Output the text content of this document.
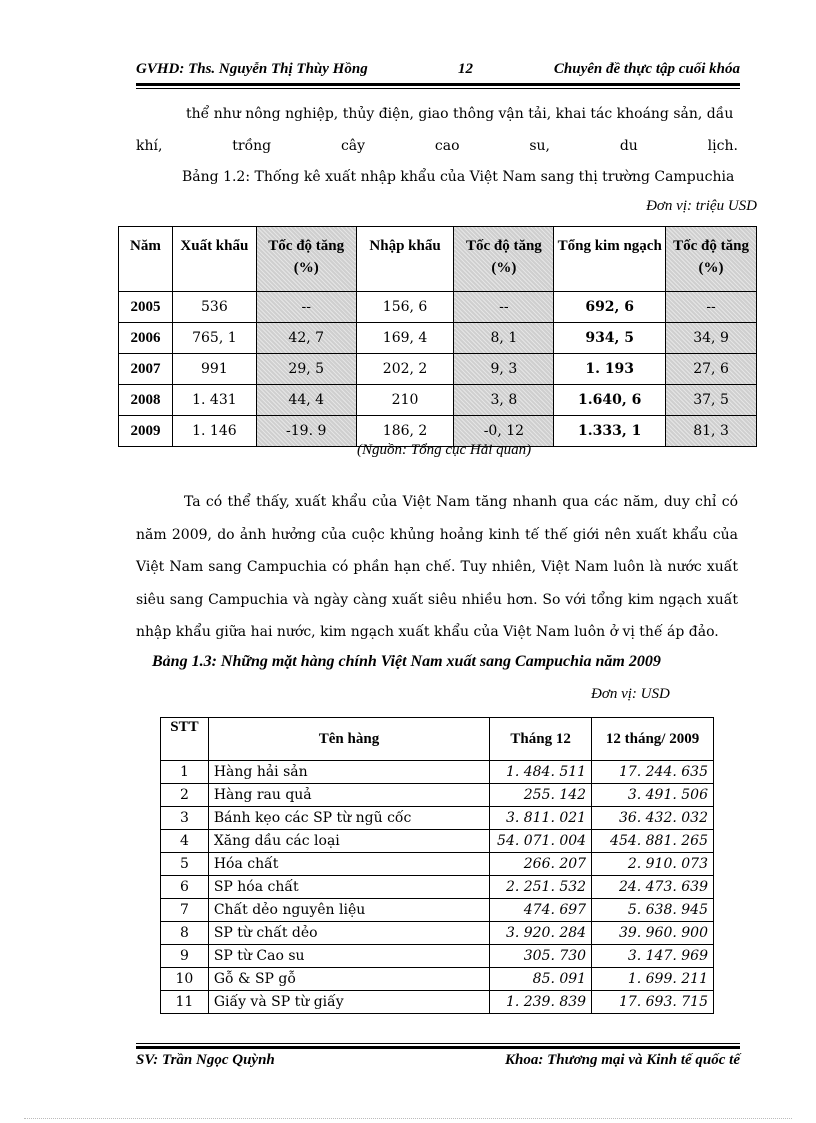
GVHD: Ths. Nguyễn Thị Thùy Hồng	12	Chuyên đề thực tập cuối khóa
thể như nông nghiệp, thủy điện, giao thông vận tải, khai tác khoáng sản, dầu
khí,	trồng	cây	cao	su,	du	lịch.
Bảng 1.2: Thống kê xuất nhập khẩu của Việt Nam sang thị trường Campuchia
Đơn vị: triệu USD
Năm	Xuất khẩu	Tốc độ tăng (%)	Nhập khẩu	Tốc độ tăng (%)	Tổng kim ngạch	Tốc độ tăng (%)
2005	536	--	156, 6	--	692, 6	--
2006	765, 1	42, 7	169, 4	8, 1	934, 5	34, 9
2007	991	29, 5	202, 2	9, 3	1. 193	27, 6
2008	1. 431	44, 4	210	3, 8	1.640, 6	37, 5
2009	1. 146	-19. 9	186, 2	-0, 12	1.333, 1	81, 3
(Nguồn: Tổng cục Hải quan)
Ta có thể thấy, xuất khẩu của Việt Nam tăng nhanh qua các năm, duy chỉ có năm 2009, do ảnh hưởng của cuộc khủng hoảng kinh tế thế giới nên xuất khẩu của Việt Nam sang Campuchia có phần hạn chế. Tuy nhiên, Việt Nam luôn là nước xuất siêu sang Campuchia và ngày càng xuất siêu nhiều hơn. So với tổng kim ngạch xuất nhập khẩu giữa hai nước, kim ngạch xuất khẩu của Việt Nam luôn ở vị thế áp đảo.
Bảng 1.3: Những mặt hàng chính Việt Nam xuất sang Campuchia năm 2009
Đơn vị: USD
STT	Tên hàng	Tháng 12	12 tháng/ 2009
1	Hàng hải sản	1. 484. 511	17. 244. 635
2	Hàng rau quả	255. 142	3. 491. 506
3	Bánh kẹo các SP từ ngũ cốc	3. 811. 021	36. 432. 032
4	Xăng dầu các loại	54. 071. 004	454. 881. 265
5	Hóa chất	266. 207	2. 910. 073
6	SP hóa chất	2. 251. 532	24. 473. 639
7	Chất dẻo nguyên liệu	474. 697	5. 638. 945
8	SP từ chất dẻo	3. 920. 284	39. 960. 900
9	SP từ Cao su	305. 730	3. 147. 969
10	Gỗ & SP gỗ	85. 091	1. 699. 211
11	Giấy và SP từ giấy	1. 239. 839	17. 693. 715
SV: Trần Ngọc Quỳnh	Khoa: Thương mại và Kinh tế quốc tế
